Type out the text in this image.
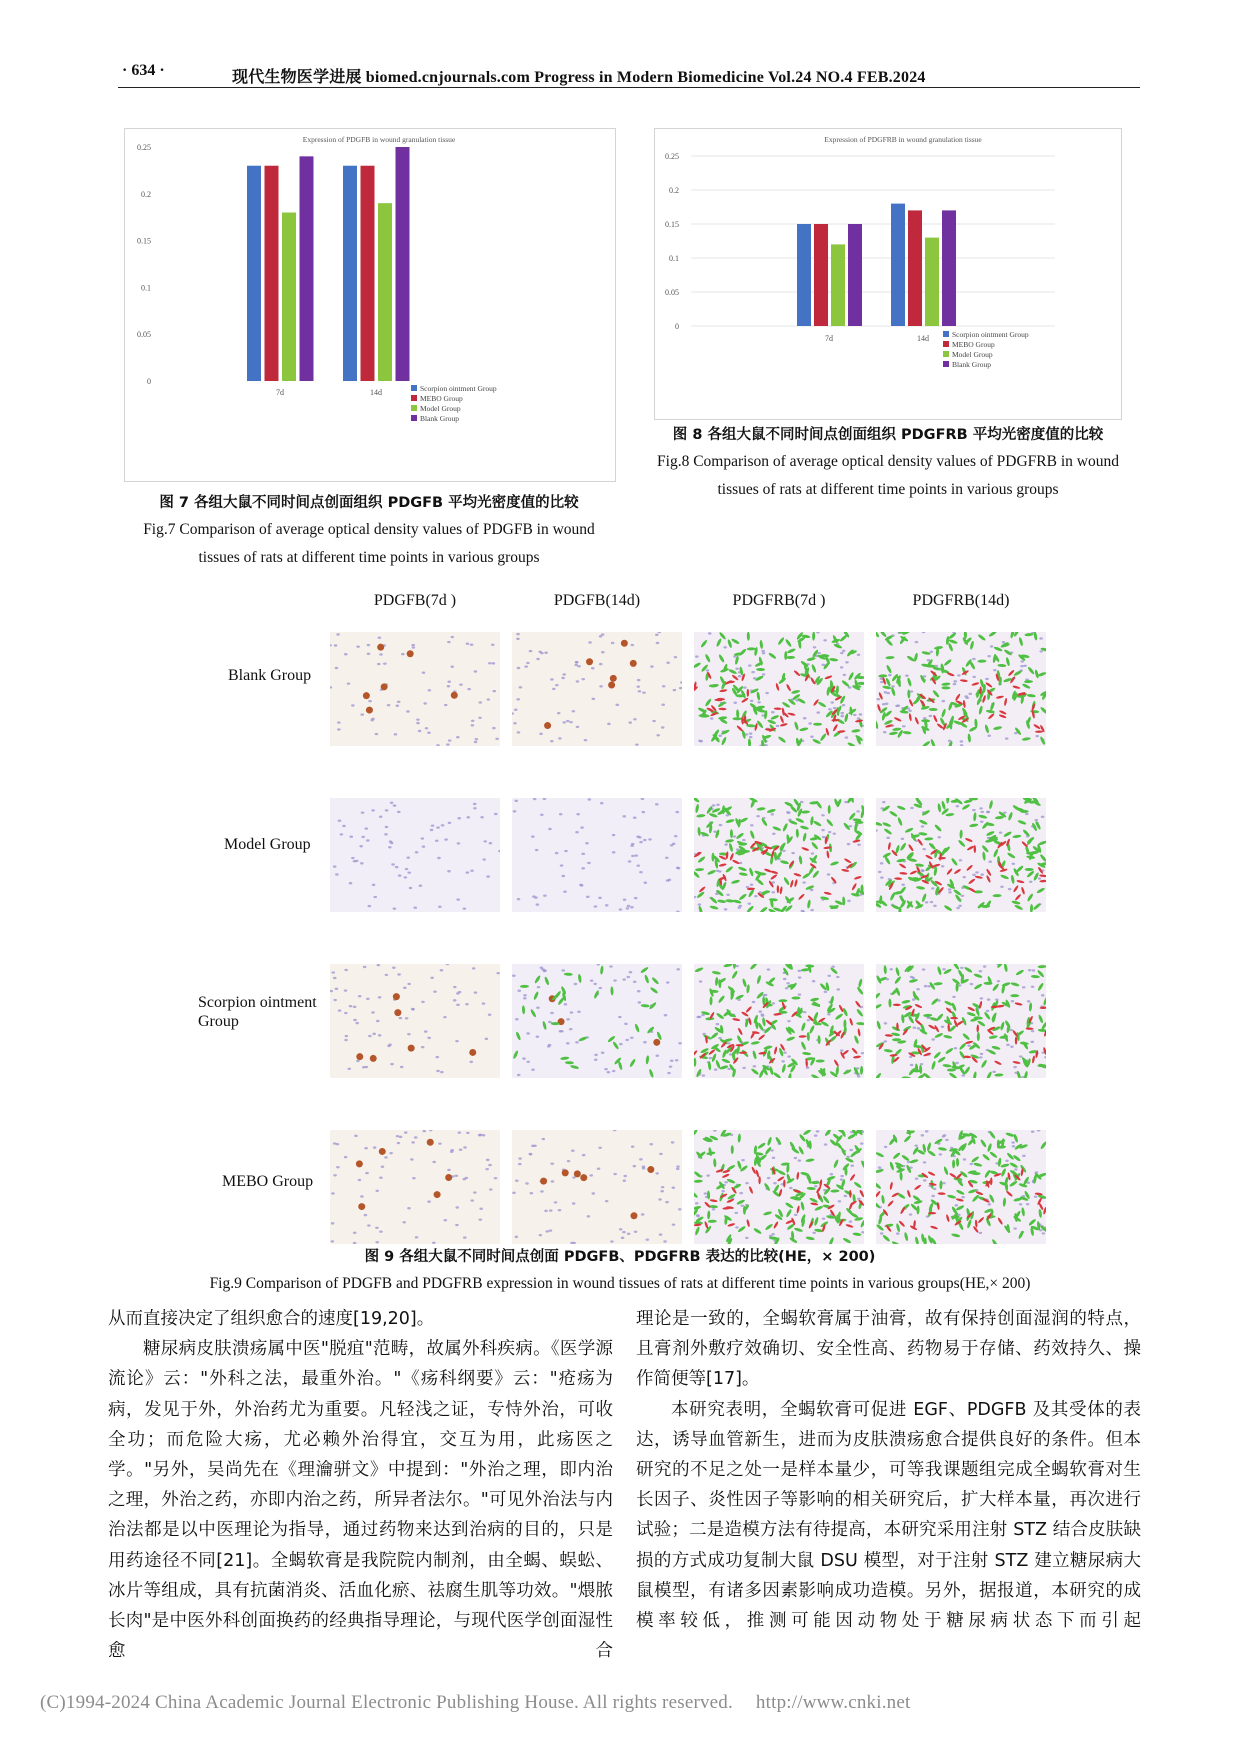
· 634 ·	现代生物医学进展 biomed.cnjournals.com Progress in Modern Biomedicine Vol.24 NO.4 FEB.2024
Expression of PDGFB in wound granulation tissue
0
0.05
0.1
0.15
0.2
0.25
7d	14d	Scorpion ointment Group
MEBO Group
Model Group
Blank Group
图 7 各组大鼠不同时间点创面组织 PDGFB 平均光密度值的比较
Fig.7 Comparison of average optical density values of PDGFB in wound
tissues of rats at different time points in various groups
Expression of PDGFRB in wound granulation tissue
0
0.05
0.1
0.15
0.2
0.25
7d	14d	Scorpion ointment Group
MEBO Group
Model Group
Blank Group
图 8 各组大鼠不同时间点创面组织 PDGFRB 平均光密度值的比较
Fig.8 Comparison of average optical density values of PDGFRB in wound
tissues of rats at different time points in various groups
PDGFB(7d )	PDGFB(14d)	PDGFRB(7d )	PDGFRB(14d)
Blank Group
Model Group
Scorpion ointment Group
MEBO Group
图 9 各组大鼠不同时间点创面 PDGFB、PDGFRB 表达的比较(HE，× 200)
Fig.9 Comparison of PDGFB and PDGFRB expression in wound tissues of rats at different time points in various groups(HE,× 200)

从而直接决定了组织愈合的速度[19,20]。

糖尿病皮肤溃疡属中医"脱疽"范畴，故属外科疾病。《医学源流论》云："外科之法，最重外治。"《疡科纲要》云："疮疡为病，发见于外，外治药尤为重要。凡轻浅之证，专恃外治，可收全功；而危险大疡，尤必赖外治得宜，交互为用，此疡医之学。"另外，吴尚先在《理瀹骈文》中提到："外治之理，即内治之理，外治之药，亦即内治之药，所异者法尔。"可见外治法与内治法都是以中医理论为指导，通过药物来达到治病的目的，只是用药途径不同[21]。全蝎软膏是我院院内制剂，由全蝎、蜈蚣、冰片等组成，具有抗菌消炎、活血化瘀、祛腐生肌等功效。"煨脓长肉"是中医外科创面换药的经典指导理论，与现代医学创面湿性愈合

理论是一致的，全蝎软膏属于油膏，故有保持创面湿润的特点，且膏剂外敷疗效确切、安全性高、药物易于存储、药效持久、操作简便等[17]。

本研究表明，全蝎软膏可促进 EGF、PDGFB 及其受体的表达，诱导血管新生，进而为皮肤溃疡愈合提供良好的条件。但本研究的不足之处一是样本量少，可等我课题组完成全蝎软膏对生长因子、炎性因子等影响的相关研究后，扩大样本量，再次进行试验；二是造模方法有待提高，本研究采用注射 STZ 结合皮肤缺损的方式成功复制大鼠 DSU 模型，对于注射 STZ 建立糖尿病大鼠模型，有诸多因素影响成功造模。另外，据报道，本研究的成模率较低，推测可能因动物处于糖尿病状态下而引起

(C)1994-2024 China Academic Journal Electronic Publishing House. All rights reserved. http://www.cnki.net
